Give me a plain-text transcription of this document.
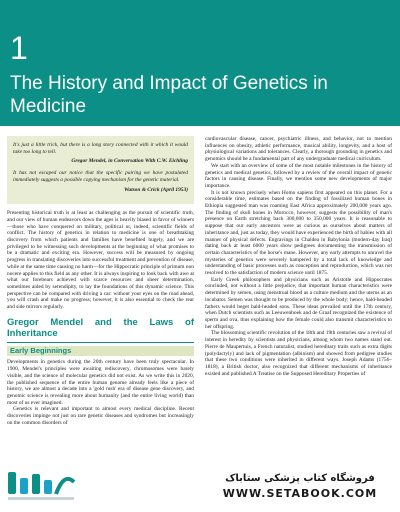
1
The History and Impact of Genetics in Medicine

It's just a little trick, but there is a long story connected with it which it would take too long to tell.

Gregor Mendel, in Conversation With C.W. Eichling

It has not escaped our notice that the specific pairing we have postulated immediately suggests a possible copying mechanism for the genetic material.

Watson & Crick (April 1953)

Presenting historical truth is at least as challenging as the pursuit of scientific truth, and our view of human endeavors down the ages is heavily biased in favor of winners—those who have conquered on military, political or, indeed, scientific fields of conflict. The history of genetics in relation to medicine is one of breathtaking discovery from which patients and families have benefited hugely, and we are privileged to be witnessing such developments at the beginning of what promises to be a dramatic and exciting era. However, success will be measured by ongoing progress in translating discoveries into successful treatment and prevention of disease, while at the same time causing no harm—for the Hippocratic principle of primum non nocere applies to this field as any other. It is always inspiring to look back with awe at what our forebears achieved with scarce resources and sheer determination, sometimes aided by serendipity, to lay the foundations of this dynamic science. This perspective can be compared with driving a car: without your eyes on the road ahead, you will crash and make no progress; however, it is also essential to check the rear and side mirrors regularly.

Gregor Mendel and the Laws of Inheritance
Early Beginnings

Developments in genetics during the 20th century have been truly spectacular. In 1900, Mendel's principles were awaiting rediscovery, chromosomes were barely visible, and the science of molecular genetics did not exist. As we write this in 2020, the published sequence of the entire human genome already feels like a piece of history, we are almost a decade into a 'gold rush' era of disease gene discovery, and genomic science is revealing more about humanity (and the entire living world) than most of us ever imagined.

Genetics is relevant and important to almost every medical discipline. Recent discoveries impinge not just on rare genetic diseases and syndromes but increasingly on the common disorders of

cardiovascular disease, cancer, psychiatric illness, and behavior, not to mention influences on obesity, athletic performance, musical ability, longevity, and a host of physiological variations and tolerances. Clearly, a thorough grounding in genetics and genomics should be a fundamental part of any undergraduate medical curriculum.

We start with an overview of some of the most notable milestones in the history of genetics and medical genetics, followed by a review of the overall impact of genetic factors in causing disease. Finally, we mention some new developments of major importance.

It is not known precisely when Homo sapiens first appeared on this planet. For a considerable time, estimates based on the finding of fossilized human bones in Ethiopia suggested man was roaming East Africa approximately 200,000 years ago. The finding of skull bones in Morocco, however, suggests the possibility of man's presence on Earth stretching back 300,000 to 350,000 years. It is reasonable to suppose that our early ancestors were as curious as ourselves about matters of inheritance and, just as today, they would have experienced the birth of babies with all manner of physical defects. Engravings in Chaldea in Babylonia (modern-day Iraq) dating back at least 6000 years show pedigrees documenting the transmission of certain characteristics of the horse's mane. However, any early attempts to unravel the mysteries of genetics were severely hampered by a total lack of knowledge and understanding of basic processes such as conception and reproduction, which was not resolved to the satisfaction of modern science until 1875.

Early Greek philosophers and physicians such as Aristotle and Hippocrates concluded, not without a little prejudice, that important human characteristics were determined by semen, using menstrual blood as a culture medium and the uterus as an incubator. Semen was thought to be produced by the whole body; hence, bald-headed fathers would beget bald-headed sons. These ideas prevailed until the 17th century, when Dutch scientists such as Leeuwenhoek and de Graaf recognized the existence of sperm and ova, thus explaining how the female could also transmit characteristics to her offspring.

The blossoming scientific revolution of the 18th and 19th centuries saw a revival of interest in heredity by scientists and physicians, among whom two names stand out. Pierre de Maupertuis, a French naturalist, studied hereditary traits such as extra digits (polydactyly) and lack of pigmentation (albinism) and showed from pedigree studies that these two conditions were inherited in different ways. Joseph Adams (1756–1818), a British doctor, also recognized that different mechanisms of inheritance existed and published A Treatise on the Supposed Hereditary Properties of

فروشگاه کتاب پزشکی ستاباک
WWW.SETABOOK.COM
